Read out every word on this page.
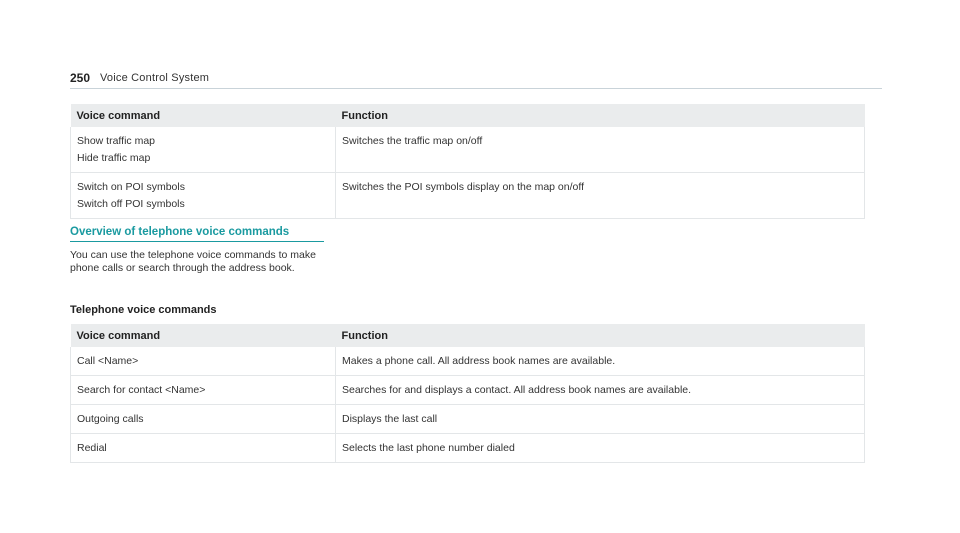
250 Voice Control System
Voice command	Function

Show traffic map
Hide traffic map	Switches the traffic map on/off

Switch on POI symbols
Switch off POI symbols	Switches the POI symbols display on the map on/off
Overview of telephone voice commands
You can use the telephone voice commands to make phone calls or search through the address book.
Telephone voice commands
Voice command	Function
Call <Name>	Makes a phone call. All address book names are available.
Search for contact <Name>	Searches for and displays a contact. All address book names are available.
Outgoing calls	Displays the last call
Redial	Selects the last phone number dialed
